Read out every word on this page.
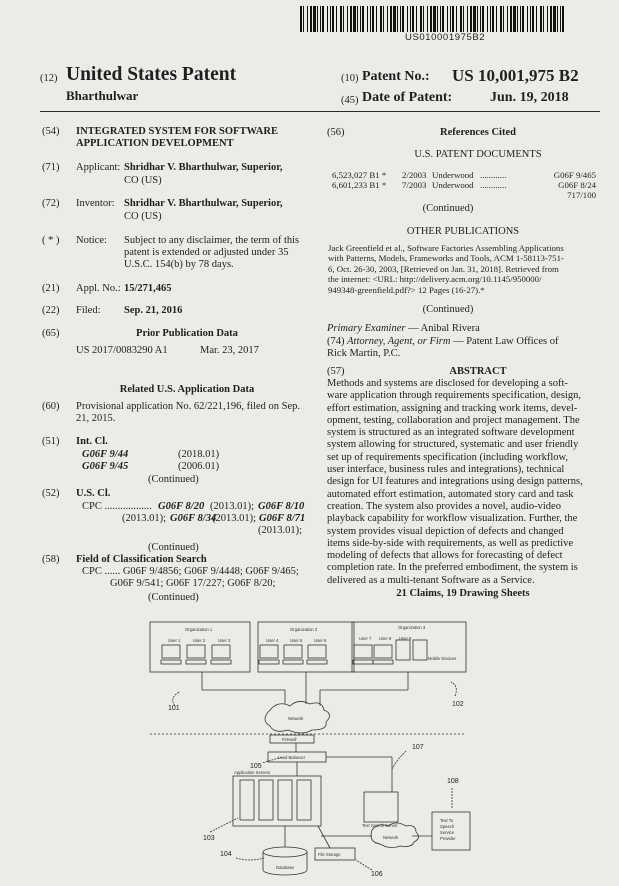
US010001975B2
(12) United States Patent
Bharthulwar
(10) Patent No.: US 10,001,975 B2
(45) Date of Patent:	Jun. 19, 2018
(54) INTEGRATED SYSTEM FOR SOFTWARE
APPLICATION DEVELOPMENT
(71) Applicant: Shridhar V. Bharthulwar, Superior,
CO (US)
(72) Inventor: Shridhar V. Bharthulwar, Superior,
CO (US)
( * ) Notice: Subject to any disclaimer, the term of this
patent is extended or adjusted under 35
U.S.C. 154(b) by 78 days.
(21) Appl. No.: 15/271,465
(22) Filed: Sep. 21, 2016
(65)	Prior Publication Data
US 2017/0083290 A1	Mar. 23, 2017
Related U.S. Application Data
(60) Provisional application No. 62/221,196, filed on Sep.
21, 2015.
(51) Int. Cl.
G06F 9/44	(2018.01)
G06F 9/45	(2006.01)
(Continued)
(52) U.S. Cl.
CPC .................. G06F 8/20 (2013.01); G06F 8/10
(2013.01); G06F 8/34
(2013.01); G06F 8/71
(2013.01);
(Continued)
(58) Field of Classification Search
CPC ...... G06F 9/4856; G06F 9/4448; G06F 9/465;
G06F 9/541; G06F 17/227; G06F 8/20;
(Continued)
(56)	References Cited
U.S. PATENT DOCUMENTS
6,523,027 B1 * 2/2003 Underwood ............	G06F 9/465
6,601,233 B1 * 7/2003 Underwood ............	G06F 8/24
717/100
(Continued)
OTHER PUBLICATIONS
Jack Greenfield et al., Software Factories Assembling Applications
with Patterns, Models, Frameworks and Tools, ACM 1-58113-751-
6, Oct. 26-30, 2003, [Retrieved on Jan. 31, 2018]. Retrieved from
the internet: <URL: http://delivery.acm.org/10.1145/950000/
949348-greenfield.pdf?> 12 Pages (16-27).*
(Continued)
Primary Examiner — Anibal Rivera
(74) Attorney, Agent, or Firm — Patent Law Offices of
Rick Martin, P.C.
(57)	ABSTRACT
Methods and systems are disclosed for developing a soft-
ware application through requirements specification, design,
effort estimation, assigning and tracking work items, devel-
opment, testing, collaboration and project management. The
system is structured as an integrated software development
system allowing for structured, systematic and user friendly
set up of requirements specification (including workflow,
user interface, business rules and integrations), technical
design for UI features and integrations using design patterns,
automated effort estimation, automated story card and task
creation. The system also provides a novel, audio-video
playback capability for workflow visualization. Further, the
system provides visual depiction of defects and changed
items side-by-side with requirements, as well as predictive
modeling of defects that allows for forecasting of defect
completion rate. In the preferred embodiment, the system is
delivered as a multi-tenant Software as a Service.
21 Claims, 19 Drawing Sheets
Organization 1	Organization 2	Organization 3
User 1	User 2	User 3	User 4	User 5	User 6	User 7 User 8 User 9
Mobile Devices
Network
Firewall
Load Balancer
Application Servers
Text Search Server
Network
Text To
Speech
Service
Provider
Database
File Storage
101
102
103
104
105
106
107
108
